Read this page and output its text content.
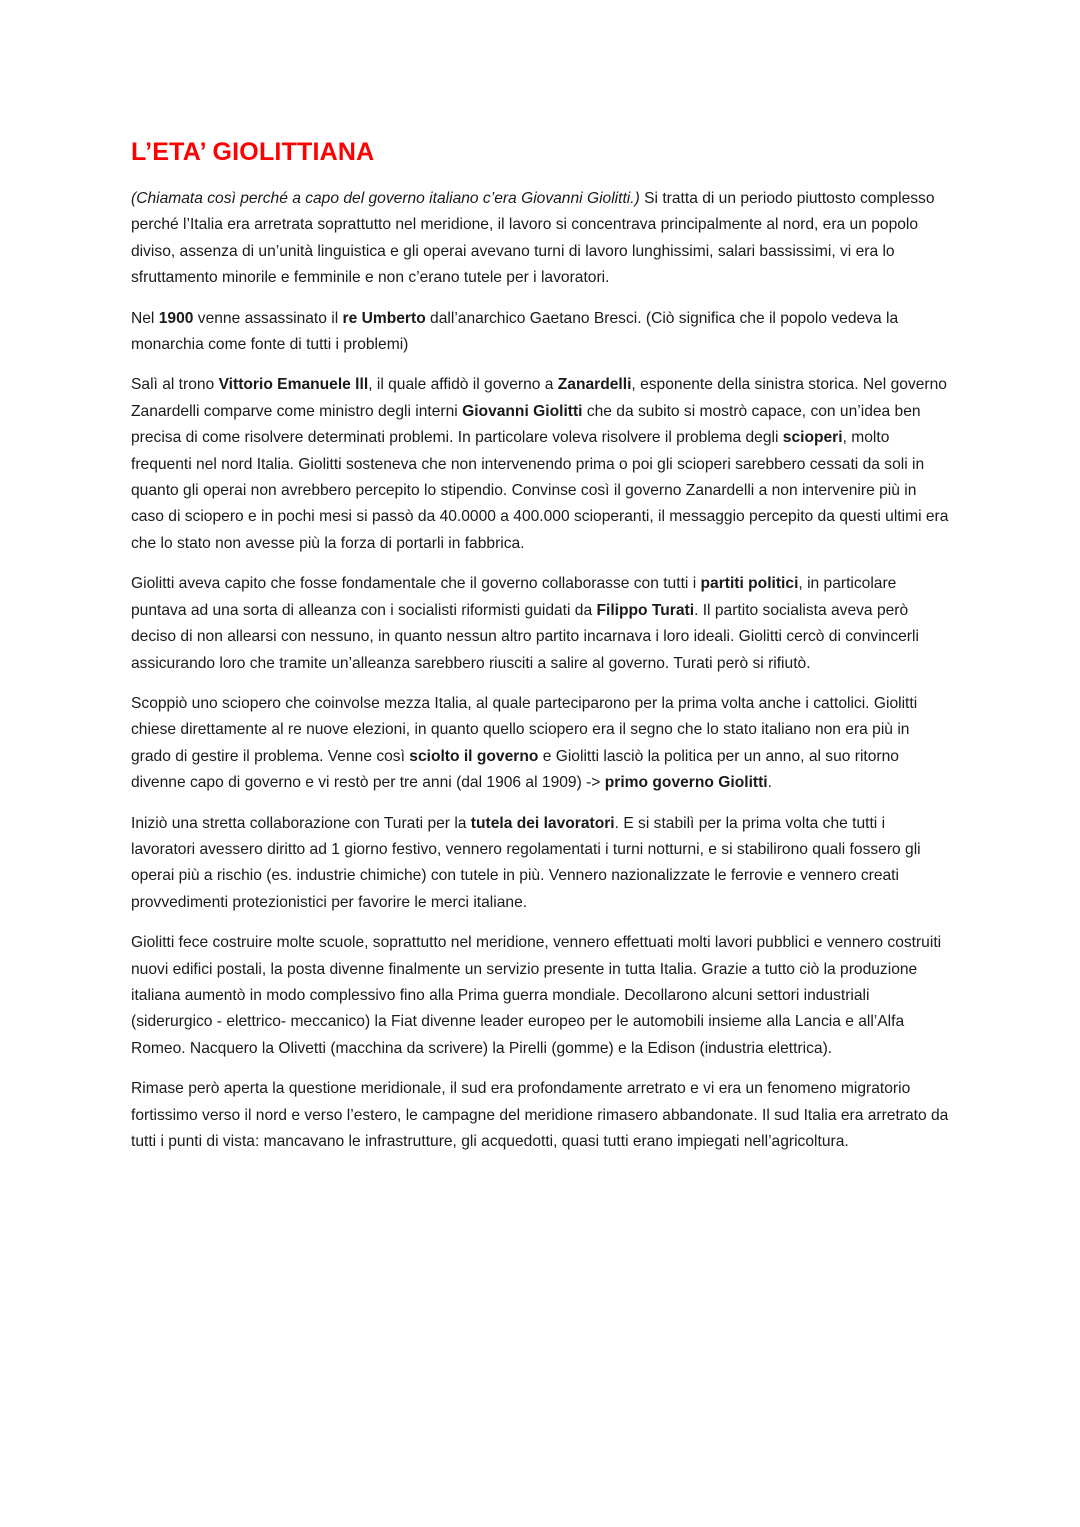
L’ETA’ GIOLITTIANA

(Chiamata così perché a capo del governo italiano c’era Giovanni Giolitti.) Si tratta di un periodo piuttosto complesso perché l’Italia era arretrata soprattutto nel meridione, il lavoro si concentrava principalmente al nord, era un popolo diviso, assenza di un’unità linguistica e gli operai avevano turni di lavoro lunghissimi, salari bassissimi, vi era lo sfruttamento minorile e femminile e non c’erano tutele per i lavoratori.

Nel 1900 venne assassinato il re Umberto dall’anarchico Gaetano Bresci. (Ciò significa che il popolo vedeva la monarchia come fonte di tutti i problemi)

Salì al trono Vittorio Emanuele lll, il quale affidò il governo a Zanardelli, esponente della sinistra storica. Nel governo Zanardelli comparve come ministro degli interni Giovanni Giolitti che da subito si mostrò capace, con un’idea ben precisa di come risolvere determinati problemi. In particolare voleva risolvere il problema degli scioperi, molto frequenti nel nord Italia. Giolitti sosteneva che non intervenendo prima o poi gli scioperi sarebbero cessati da soli in quanto gli operai non avrebbero percepito lo stipendio. Convinse così il governo Zanardelli a non intervenire più in caso di sciopero e in pochi mesi si passò da 40.0000 a 400.000 scioperanti, il messaggio percepito da questi ultimi era che lo stato non avesse più la forza di portarli in fabbrica.

Giolitti aveva capito che fosse fondamentale che il governo collaborasse con tutti i partiti politici, in particolare puntava ad una sorta di alleanza con i socialisti riformisti guidati da Filippo Turati. Il partito socialista aveva però deciso di non allearsi con nessuno, in quanto nessun altro partito incarnava i loro ideali. Giolitti cercò di convincerli assicurando loro che tramite un’alleanza sarebbero riusciti a salire al governo. Turati però si rifiutò.

Scoppiò uno sciopero che coinvolse mezza Italia, al quale parteciparono per la prima volta anche i cattolici. Giolitti chiese direttamente al re nuove elezioni, in quanto quello sciopero era il segno che lo stato italiano non era più in grado di gestire il problema. Venne così sciolto il governo e Giolitti lasciò la politica per un anno, al suo ritorno divenne capo di governo e vi restò per tre anni (dal 1906 al 1909) -> primo governo Giolitti.

Iniziò una stretta collaborazione con Turati per la tutela dei lavoratori. E si stabilì per la prima volta che tutti i lavoratori avessero diritto ad 1 giorno festivo, vennero regolamentati i turni notturni, e si stabilirono quali fossero gli operai più a rischio (es. industrie chimiche) con tutele in più. Vennero nazionalizzate le ferrovie e vennero creati provvedimenti protezionistici per favorire le merci italiane.

Giolitti fece costruire molte scuole, soprattutto nel meridione, vennero effettuati molti lavori pubblici e vennero costruiti nuovi edifici postali, la posta divenne finalmente un servizio presente in tutta Italia. Grazie a tutto ciò la produzione italiana aumentò in modo complessivo fino alla Prima guerra mondiale. Decollarono alcuni settori industriali (siderurgico - elettrico- meccanico) la Fiat divenne leader europeo per le automobili insieme alla Lancia e all’Alfa Romeo. Nacquero la Olivetti (macchina da scrivere) la Pirelli (gomme) e la Edison (industria elettrica).

Rimase però aperta la questione meridionale, il sud era profondamente arretrato e vi era un fenomeno migratorio fortissimo verso il nord e verso l’estero, le campagne del meridione rimasero abbandonate. Il sud Italia era arretrato da tutti i punti di vista: mancavano le infrastrutture, gli acquedotti, quasi tutti erano impiegati nell’agricoltura.
